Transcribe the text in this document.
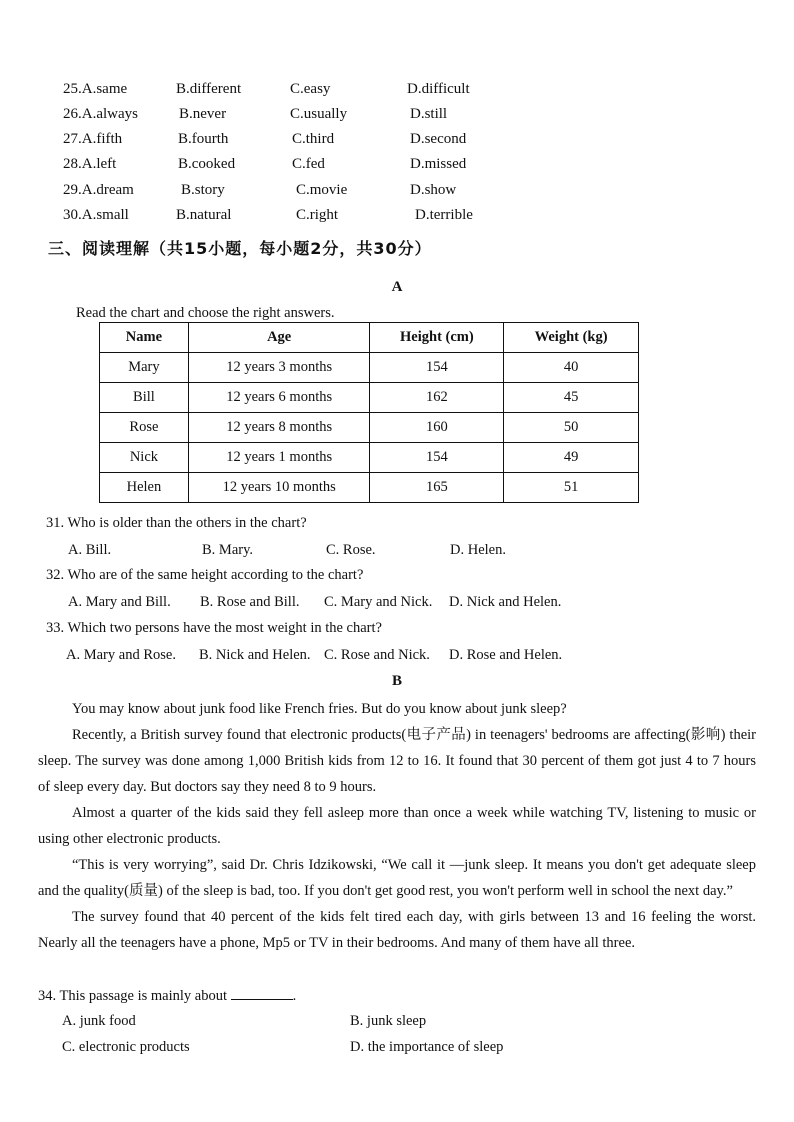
25.A.same	B.different	C.easy	D.difficult
26.A.always	B.never	C.usually	D.still
27.A.fifth	B.fourth	C.third	D.second
28.A.left	B.cooked	C.fed	D.missed
29.A.dream	B.story	C.movie	D.show
30.A.small	B.natural	C.right	D.terrible
三、阅读理解（共15小题，每小题2分，共30分）
A
Read the chart and choose the right answers.
Name	Age	Height (cm)	Weight (kg)
Mary	12 years 3 months	154	40
Bill	12 years 6 months	162	45
Rose	12 years 8 months	160	50
Nick	12 years 1 months	154	49
Helen	12 years 10 months	165	51
31. Who is older than the others in the chart?
A. Bill.	B. Mary.	C. Rose.	D. Helen.
32. Who are of the same height according to the chart?
A. Mary and Bill. B. Rose and Bill. C. Mary and Nick. D. Nick and Helen.
33. Which two persons have the most weight in the chart?
A. Mary and Rose. B. Nick and Helen. C. Rose and Nick. D. Rose and Helen.
B

You may know about junk food like French fries. But do you know about junk sleep?

Recently, a British survey found that electronic products(电子产品) in teenagers' bedrooms are affecting(影响) their sleep. The survey was done among 1,000 British kids from 12 to 16. It found that 30 percent of them got just 4 to 7 hours of sleep every day. But doctors say they need 8 to 9 hours.

Almost a quarter of the kids said they fell asleep more than once a week while watching TV, listening to music or using other electronic products.

“This is very worrying”, said Dr. Chris Idzikowski, “We call it —junk sleep. It means you don't get adequate sleep and the quality(质量) of the sleep is bad, too. If you don't get good rest, you won't perform well in school the next day.”

The survey found that 40 percent of the kids felt tired each day, with girls between 13 and 16 feeling the worst. Nearly all the teenagers have a phone, Mp5 or TV in their bedrooms. And many of them have all three.

34. This passage is mainly about	.
A. junk food	B. junk sleep
C. electronic products	D. the importance of sleep
